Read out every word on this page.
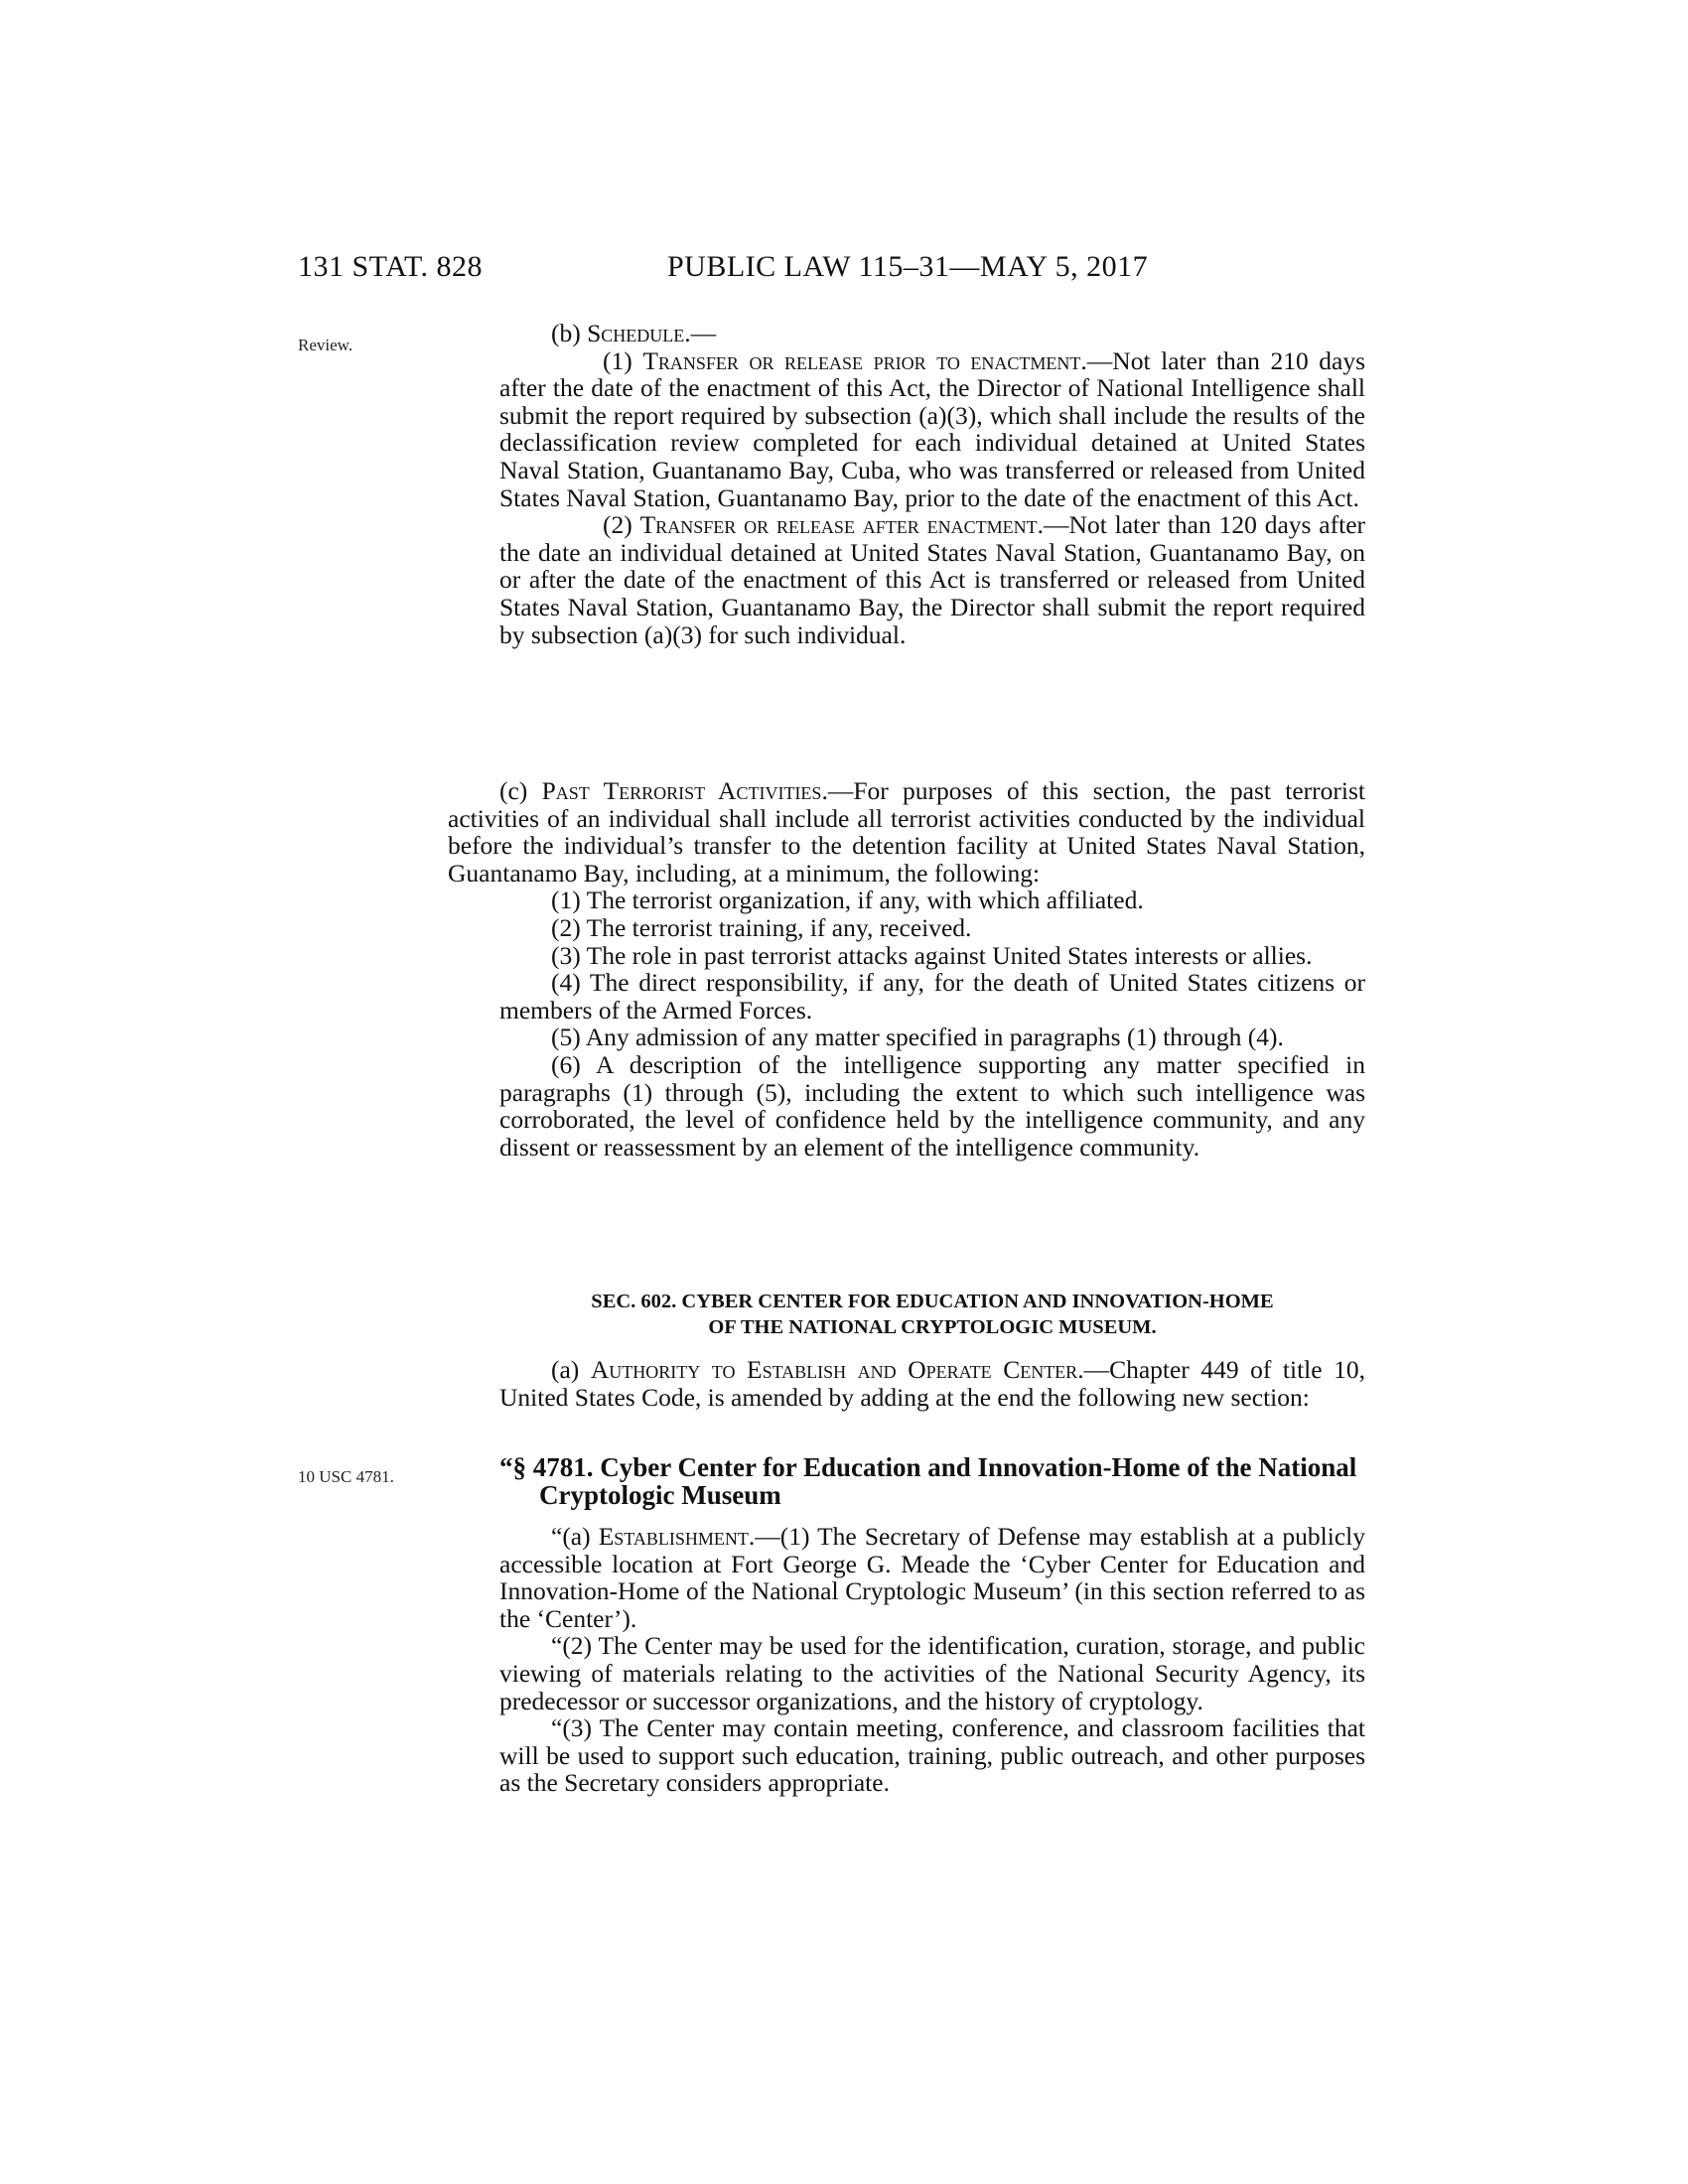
131 STAT. 828	PUBLIC LAW 115–31—MAY 5, 2017
Review.
10 USC 4781.

(b) Schedule.—

(1) Transfer or release prior to enactment.—Not later than 210 days after the date of the enactment of this Act, the Director of National Intelligence shall submit the report required by subsection (a)(3), which shall include the results of the declassification review completed for each individual detained at United States Naval Station, Guantanamo Bay, Cuba, who was transferred or released from United States Naval Station, Guantanamo Bay, prior to the date of the enactment of this Act.

(2) Transfer or release after enactment.—Not later than 120 days after the date an individual detained at United States Naval Station, Guantanamo Bay, on or after the date of the enactment of this Act is transferred or released from United States Naval Station, Guantanamo Bay, the Director shall submit the report required by subsection (a)(3) for such individual.

(c) Past Terrorist Activities.—For purposes of this section, the past terrorist activities of an individual shall include all terrorist activities conducted by the individual before the individual’s transfer to the detention facility at United States Naval Station, Guantanamo Bay, including, at a minimum, the following:

(1) The terrorist organization, if any, with which affiliated.

(2) The terrorist training, if any, received.

(3) The role in past terrorist attacks against United States interests or allies.

(4) The direct responsibility, if any, for the death of United States citizens or members of the Armed Forces.

(5) Any admission of any matter specified in paragraphs (1) through (4).

(6) A description of the intelligence supporting any matter specified in paragraphs (1) through (5), including the extent to which such intelligence was corroborated, the level of confidence held by the intelligence community, and any dissent or reassessment by an element of the intelligence community.

SEC. 602. CYBER CENTER FOR EDUCATION AND INNOVATION-HOME

OF THE NATIONAL CRYPTOLOGIC MUSEUM.

(a) Authority to Establish and Operate Center.—Chapter 449 of title 10, United States Code, is amended by adding at the end the following new section:

“§ 4781. Cyber Center for Education and Innovation-Home of the National Cryptologic Museum

“(a) Establishment.—(1) The Secretary of Defense may establish at a publicly accessible location at Fort George G. Meade the ‘Cyber Center for Education and Innovation-Home of the National Cryptologic Museum’ (in this section referred to as the ‘Center’).

“(2) The Center may be used for the identification, curation, storage, and public viewing of materials relating to the activities of the National Security Agency, its predecessor or successor organizations, and the history of cryptology.

“(3) The Center may contain meeting, conference, and classroom facilities that will be used to support such education, training, public outreach, and other purposes as the Secretary considers appropriate.
